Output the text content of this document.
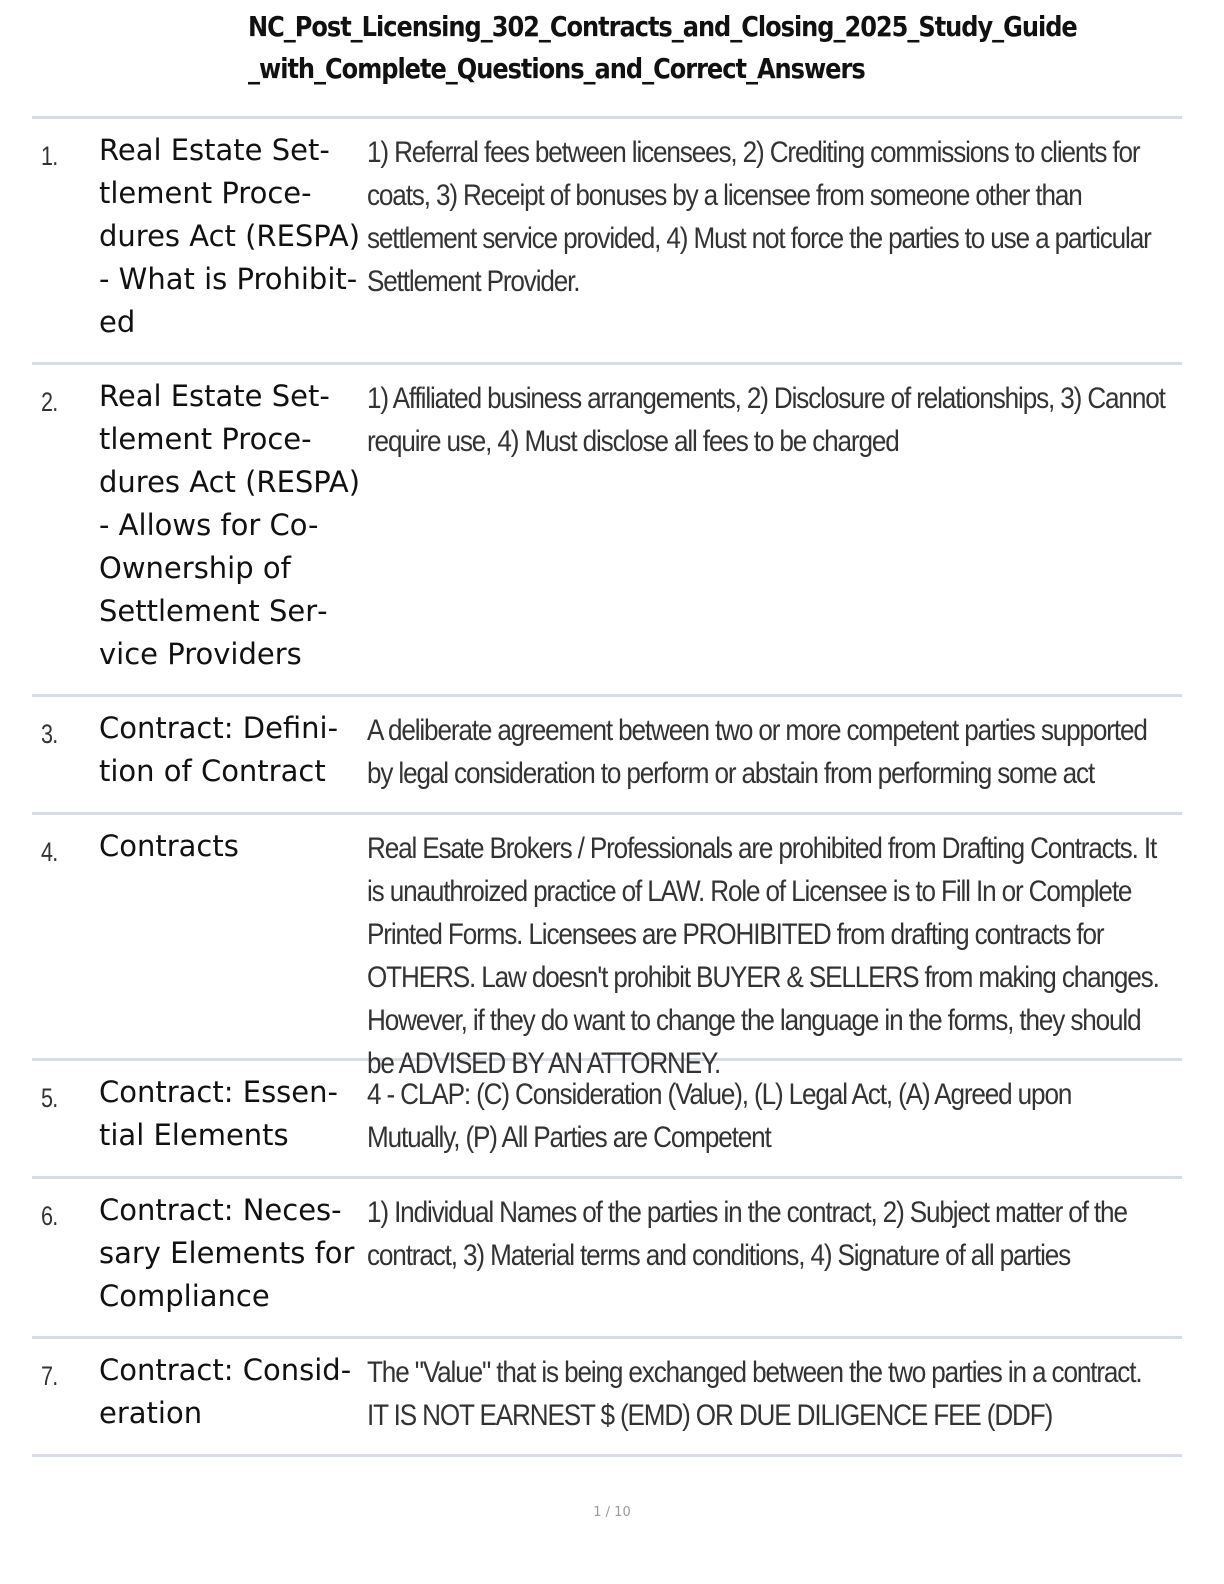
NC_Post_Licensing_302_Contracts_and_Closing_2025_Study_Guide
_with_Complete_Questions_and_Correct_Answers
1. Real Estate Settlement Procedures Act (RESPA) - What is Prohibited
1) Referral fees between licensees, 2) Crediting commissions to clients for coats, 3) Receipt of bonuses by a licensee from someone other than settlement service provided, 4) Must not force the parties to use a particular Settlement Provider.
2. Real Estate Settlement Procedures Act (RESPA) - Allows for Co-Ownership of Settlement Service Providers
1) Affiliated business arrangements, 2) Disclosure of relationships, 3) Cannot require use, 4) Must disclose all fees to be charged
3. Contract: Definition of Contract
A deliberate agreement between two or more competent parties supported by legal consideration to perform or abstain from performing some act
4. Contracts	Real Esate Brokers / Professionals are prohibited from Drafting Contracts. It is unauthroized practice of LAW. Role of Licensee is to Fill In or Complete Printed Forms. Licensees are PROHIBITED from drafting contracts for OTHERS. Law doesn't prohibit BUYER & SELLERS from making changes. However, if they do want to change the language in the forms, they should be ADVISED BY AN ATTORNEY.
5. Contract: Essential Elements
4 - CLAP: (C) Consideration (Value), (L) Legal Act, (A) Agreed upon Mutually, (P) All Parties are Competent
6. Contract: Necessary Elements for Compliance
1) Individual Names of the parties in the contract, 2) Subject matter of the contract, 3) Material terms and conditions, 4) Signature of all parties
7. Contract: Consideration
The "Value" that is being exchanged between the two parties in a contract. IT IS NOT EARNEST $ (EMD) OR DUE DILIGENCE FEE (DDF)
1 / 10
